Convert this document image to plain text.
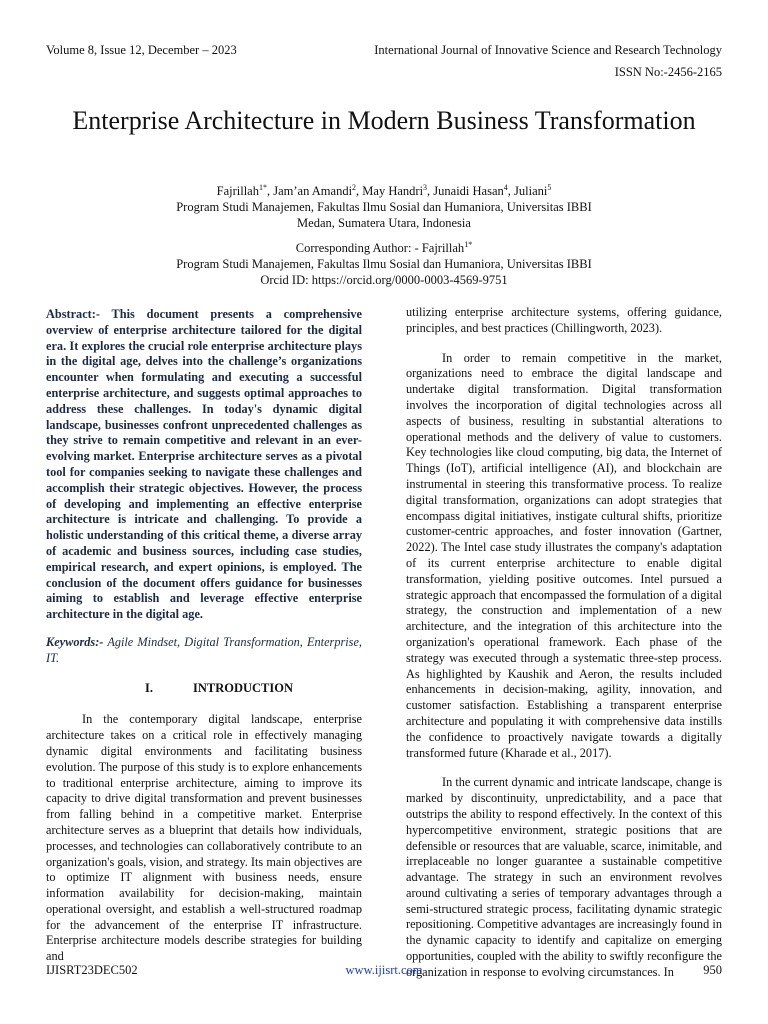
Volume 8, Issue 12, December – 2023	International Journal of Innovative Science and Research Technology
ISSN No:-2456-2165
Enterprise Architecture in Modern Business Transformation
Fajrillah$^{1*}$, Jam’an Amandi$^2$, May Handri$^3$, Junaidi Hasan$^4$, Juliani$^5$
Program Studi Manajemen, Fakultas Ilmu Sosial dan Humaniora, Universitas IBBI
Medan, Sumatera Utara, Indonesia
Corresponding Author: - Fajrillah$^{1*}$
Program Studi Manajemen, Fakultas Ilmu Sosial dan Humaniora, Universitas IBBI
Orcid ID: https://orcid.org/0000-0003-4569-9751

Abstract:- This document presents a comprehensive overview of enterprise architecture tailored for the digital era. It explores the crucial role enterprise architecture plays in the digital age, delves into the challenge’s organizations encounter when formulating and executing a successful enterprise architecture, and suggests optimal approaches to address these challenges. In today's dynamic digital landscape, businesses confront unprecedented challenges as they strive to remain competitive and relevant in an ever-evolving market. Enterprise architecture serves as a pivotal tool for companies seeking to navigate these challenges and accomplish their strategic objectives. However, the process of developing and implementing an effective enterprise architecture is intricate and challenging. To provide a holistic understanding of this critical theme, a diverse array of academic and business sources, including case studies, empirical research, and expert opinions, is employed. The conclusion of the document offers guidance for businesses aiming to establish and leverage effective enterprise architecture in the digital age.

Keywords:- Agile Mindset, Digital Transformation, Enterprise, IT.

I.	INTRODUCTION

In the contemporary digital landscape, enterprise architecture takes on a critical role in effectively managing dynamic digital environments and facilitating business evolution. The purpose of this study is to explore enhancements to traditional enterprise architecture, aiming to improve its capacity to drive digital transformation and prevent businesses from falling behind in a competitive market. Enterprise architecture serves as a blueprint that details how individuals, processes, and technologies can collaboratively contribute to an organization's goals, vision, and strategy. Its main objectives are to optimize IT alignment with business needs, ensure information availability for decision-making, maintain operational oversight, and establish a well-structured roadmap for the advancement of the enterprise IT infrastructure. Enterprise architecture models describe strategies for building and

utilizing enterprise architecture systems, offering guidance, principles, and best practices (Chillingworth, 2023).

In order to remain competitive in the market, organizations need to embrace the digital landscape and undertake digital transformation. Digital transformation involves the incorporation of digital technologies across all aspects of business, resulting in substantial alterations to operational methods and the delivery of value to customers. Key technologies like cloud computing, big data, the Internet of Things (IoT), artificial intelligence (AI), and blockchain are instrumental in steering this transformative process. To realize digital transformation, organizations can adopt strategies that encompass digital initiatives, instigate cultural shifts, prioritize customer-centric approaches, and foster innovation (Gartner, 2022). The Intel case study illustrates the company's adaptation of its current enterprise architecture to enable digital transformation, yielding positive outcomes. Intel pursued a strategic approach that encompassed the formulation of a digital strategy, the construction and implementation of a new architecture, and the integration of this architecture into the organization's operational framework. Each phase of the strategy was executed through a systematic three-step process. As highlighted by Kaushik and Aeron, the results included enhancements in decision-making, agility, innovation, and customer satisfaction. Establishing a transparent enterprise architecture and populating it with comprehensive data instills the confidence to proactively navigate towards a digitally transformed future (Kharade et al., 2017).

In the current dynamic and intricate landscape, change is marked by discontinuity, unpredictability, and a pace that outstrips the ability to respond effectively. In the context of this hypercompetitive environment, strategic positions that are defensible or resources that are valuable, scarce, inimitable, and irreplaceable no longer guarantee a sustainable competitive advantage. The strategy in such an environment revolves around cultivating a series of temporary advantages through a semi-structured strategic process, facilitating dynamic strategic repositioning. Competitive advantages are increasingly found in the dynamic capacity to identify and capitalize on emerging opportunities, coupled with the ability to swiftly reconfigure the organization in response to evolving circumstances. In

IJISRT23DEC502	www.ijisrt.com	950
